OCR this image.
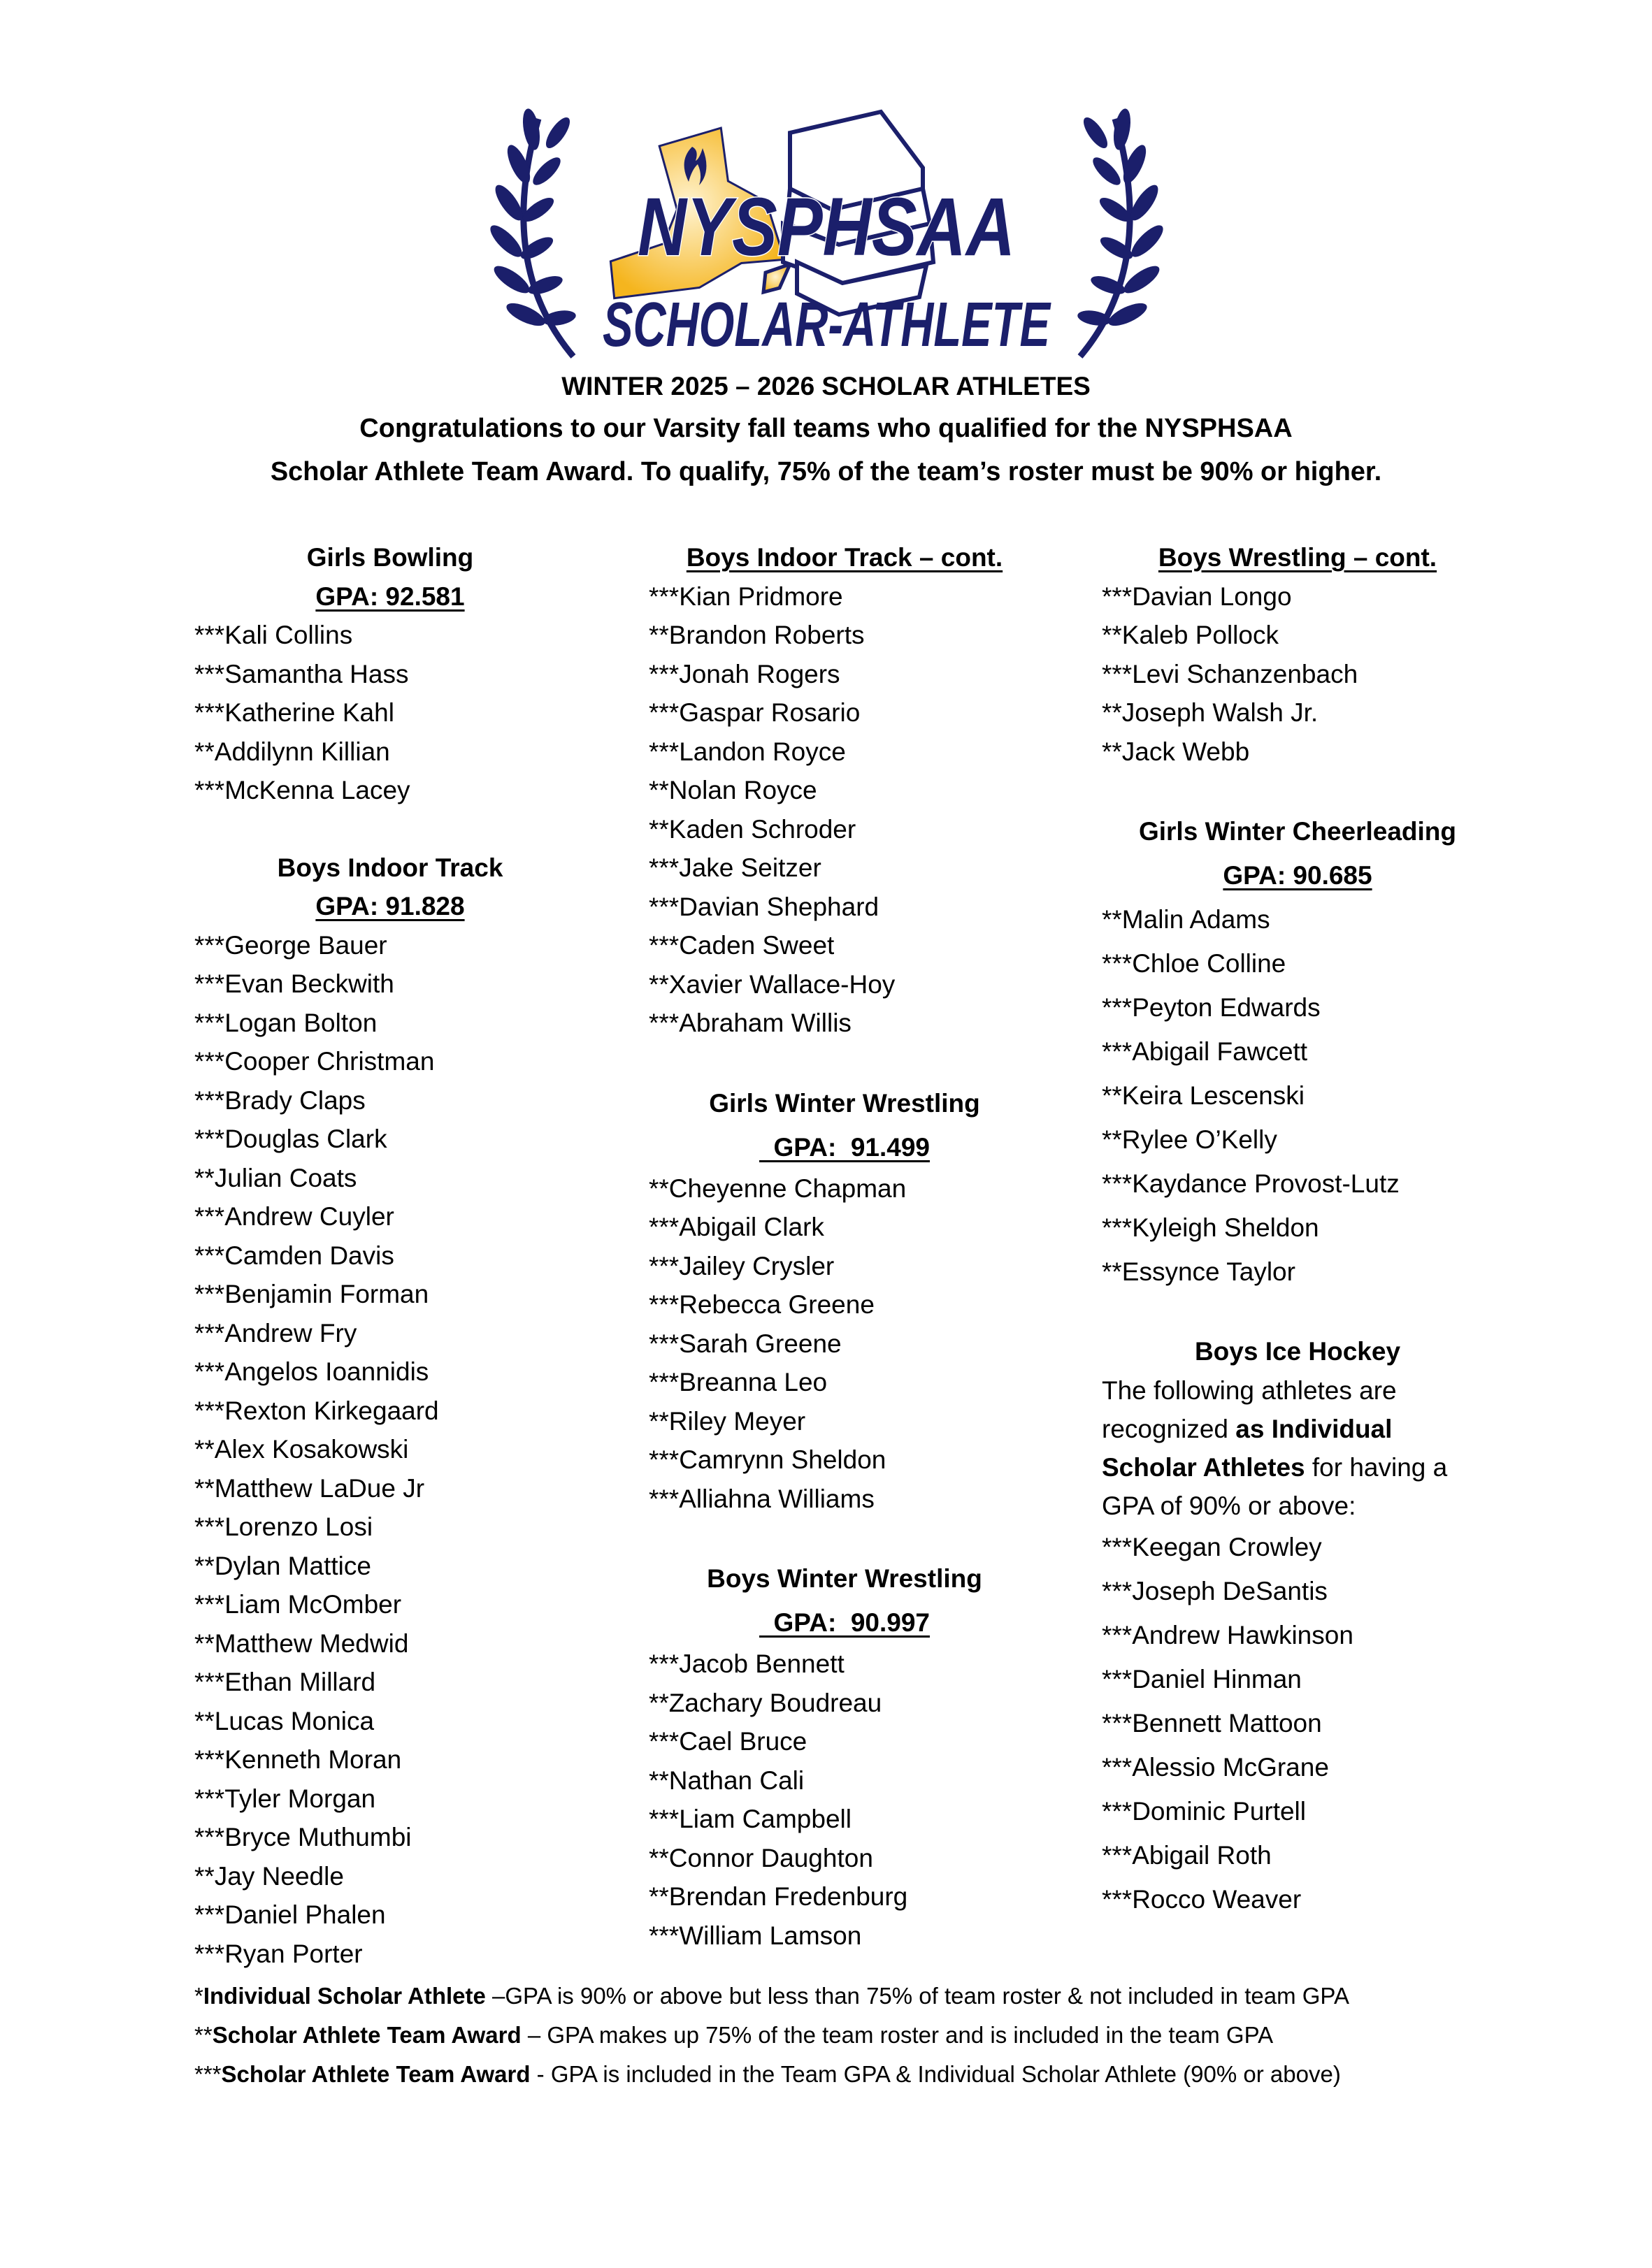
NYSPHSAA
SCHOLAR-ATHLETE
WINTER 2025 – 2026 SCHOLAR ATHLETES
Congratulations to our Varsity fall teams who qualified for the NYSPHSAA
Scholar Athlete Team Award. To qualify, 75% of the team’s roster must be 90% or higher.
Girls Bowling
GPA: 92.581
***Kali Collins
***Samantha Hass
***Katherine Kahl
**Addilynn Killian
***McKenna Lacey
Boys Indoor Track
GPA: 91.828
***George Bauer
***Evan Beckwith
***Logan Bolton
***Cooper Christman
***Brady Claps
***Douglas Clark
**Julian Coats
***Andrew Cuyler
***Camden Davis
***Benjamin Forman
***Andrew Fry
***Angelos Ioannidis
***Rexton Kirkegaard
**Alex Kosakowski
**Matthew LaDue Jr
***Lorenzo Losi
**Dylan Mattice
***Liam McOmber
**Matthew Medwid
***Ethan Millard
**Lucas Monica
***Kenneth Moran
***Tyler Morgan
***Bryce Muthumbi
**Jay Needle
***Daniel Phalen
***Ryan Porter
Boys Indoor Track – cont.
***Kian Pridmore
**Brandon Roberts
***Jonah Rogers
***Gaspar Rosario
***Landon Royce
**Nolan Royce
**Kaden Schroder
***Jake Seitzer
***Davian Shephard
***Caden Sweet
**Xavier Wallace-Hoy
***Abraham Willis
Girls Winter Wrestling
GPA:  91.499
**Cheyenne Chapman
***Abigail Clark
***Jailey Crysler
***Rebecca Greene
***Sarah Greene
***Breanna Leo
**Riley Meyer
***Camrynn Sheldon
***Alliahna Williams
Boys Winter Wrestling
GPA:  90.997
***Jacob Bennett
**Zachary Boudreau
***Cael Bruce
**Nathan Cali
***Liam Campbell
**Connor Daughton
**Brendan Fredenburg
***William Lamson
Boys Wrestling – cont.
***Davian Longo
**Kaleb Pollock
***Levi Schanzenbach
**Joseph Walsh Jr.
**Jack Webb
Girls Winter Cheerleading
GPA: 90.685
**Malin Adams
***Chloe Colline
***Peyton Edwards
***Abigail Fawcett
**Keira Lescenski
**Rylee O’Kelly
***Kaydance Provost-Lutz
***Kyleigh Sheldon
**Essynce Taylor
Boys Ice Hockey
The following athletes are recognized as Individual Scholar Athletes for having a GPA of 90% or above:
***Keegan Crowley
***Joseph DeSantis
***Andrew Hawkinson
***Daniel Hinman
***Bennett Mattoon
***Alessio McGrane
***Dominic Purtell
***Abigail Roth
***Rocco Weaver
*Individual Scholar Athlete –GPA is 90% or above but less than 75% of team roster & not included in team GPA
**Scholar Athlete Team Award – GPA makes up 75% of the team roster and is included in the team GPA
***Scholar Athlete Team Award - GPA is included in the Team GPA & Individual Scholar Athlete (90% or above)
